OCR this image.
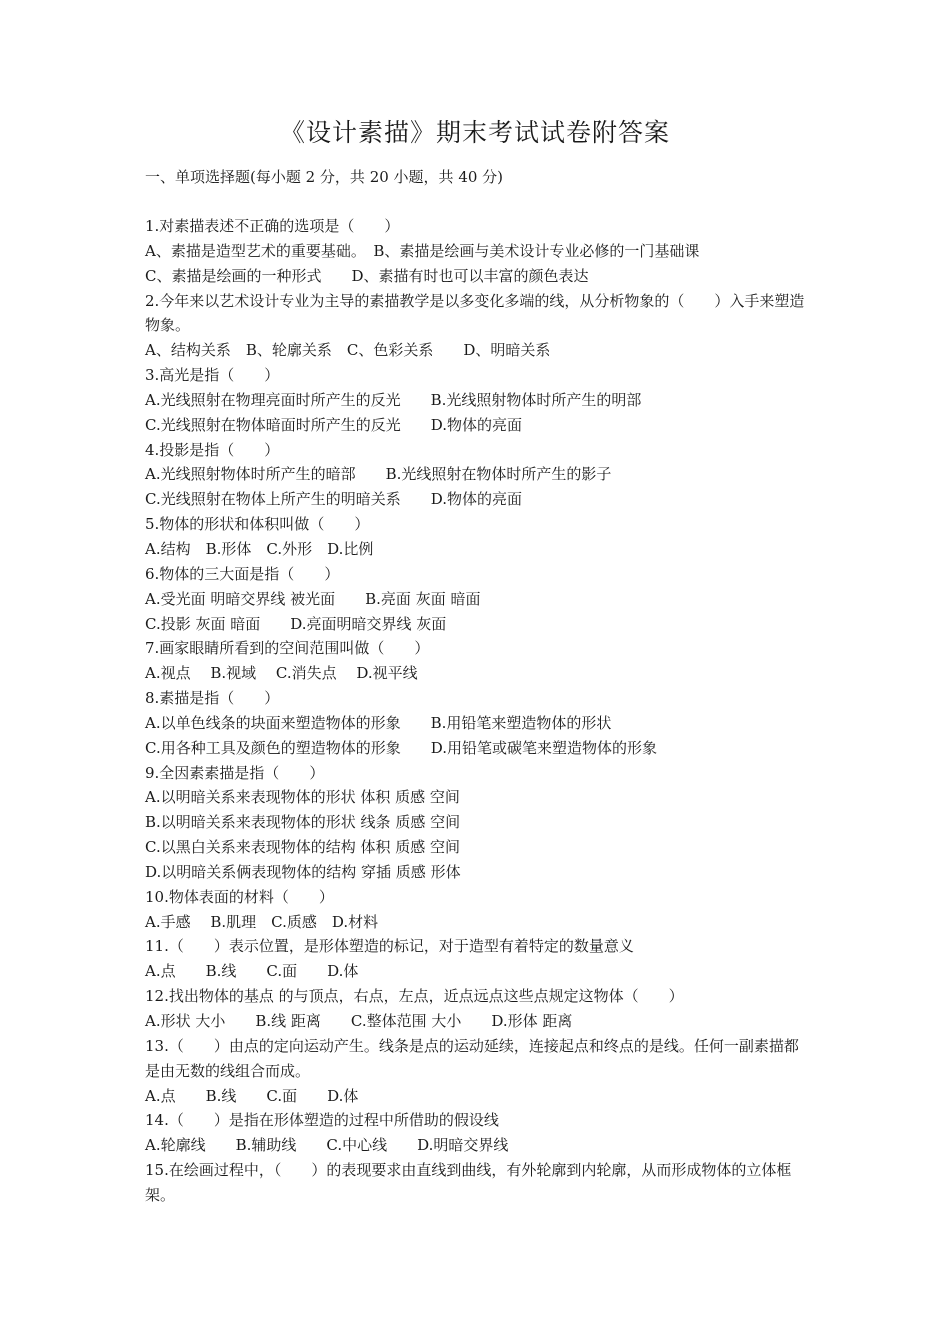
《设计素描》期末考试试卷附答案
一、单项选择题(每小题 2 分，共 20 小题，共 40 分)
1.对素描表述不正确的选项是（　　）
A、素描是造型艺术的重要基础。　B、素描是绘画与美术设计专业必修的一门基础课
C、素描是绘画的一种形式　　D、素描有时也可以丰富的颜色表达
2.今年来以艺术设计专业为主导的素描教学是以多变化多端的线，从分析物象的（　　）入手来塑造物象。
A、结构关系　B、轮廓关系　C、色彩关系　　D、明暗关系
3.高光是指（　　）
A.光线照射在物理亮面时所产生的反光　　B.光线照射物体时所产生的明部
C.光线照射在物体暗面时所产生的反光　　D.物体的亮面
4.投影是指（　　）
A.光线照射物体时所产生的暗部　　B.光线照射在物体时所产生的影子
C.光线照射在物体上所产生的明暗关系　　D.物体的亮面
5.物体的形状和体积叫做（　　）
A.结构　B.形体　C.外形　D.比例
6.物体的三大面是指（　　）
A.受光面 明暗交界线 被光面　　B.亮面 灰面 暗面
C.投影 灰面 暗面　　D.亮面明暗交界线 灰面
7.画家眼睛所看到的空间范围叫做（　　）
A.视点　 B.视域　 C.消失点　 D.视平线
8.素描是指（　　）
A.以单色线条的块面来塑造物体的形象　　B.用铅笔来塑造物体的形状
C.用各种工具及颜色的塑造物体的形象　　D.用铅笔或碳笔来塑造物体的形象
9.全因素素描是指（　　）
A.以明暗关系来表现物体的形状 体积 质感 空间
B.以明暗关系来表现物体的形状 线条 质感 空间
C.以黑白关系来表现物体的结构 体积 质感 空间
D.以明暗关系俩表现物体的结构 穿插 质感 形体
10.物体表面的材料（　　）
A.手感　 B.肌理　C.质感　D.材料
11.（　　）表示位置，是形体塑造的标记，对于造型有着特定的数量意义
A.点　　B.线　　C.面　　D.体
12.找出物体的基点 的与顶点，右点，左点，近点远点这些点规定这物体（　　）
A.形状 大小　　B.线 距离　　C.整体范围 大小　　D.形体 距离
13.（　　）由点的定向运动产生。线条是点的运动延续，连接起点和终点的是线。任何一副素描都是由无数的线组合而成。
A.点　　B.线　　C.面　　D.体
14.（　　）是指在形体塑造的过程中所借助的假设线
A.轮廓线　　B.辅助线　　C.中心线　　D.明暗交界线
15.在绘画过程中，（　　）的表现要求由直线到曲线，有外轮廓到内轮廓，从而形成物体的立体框架。
